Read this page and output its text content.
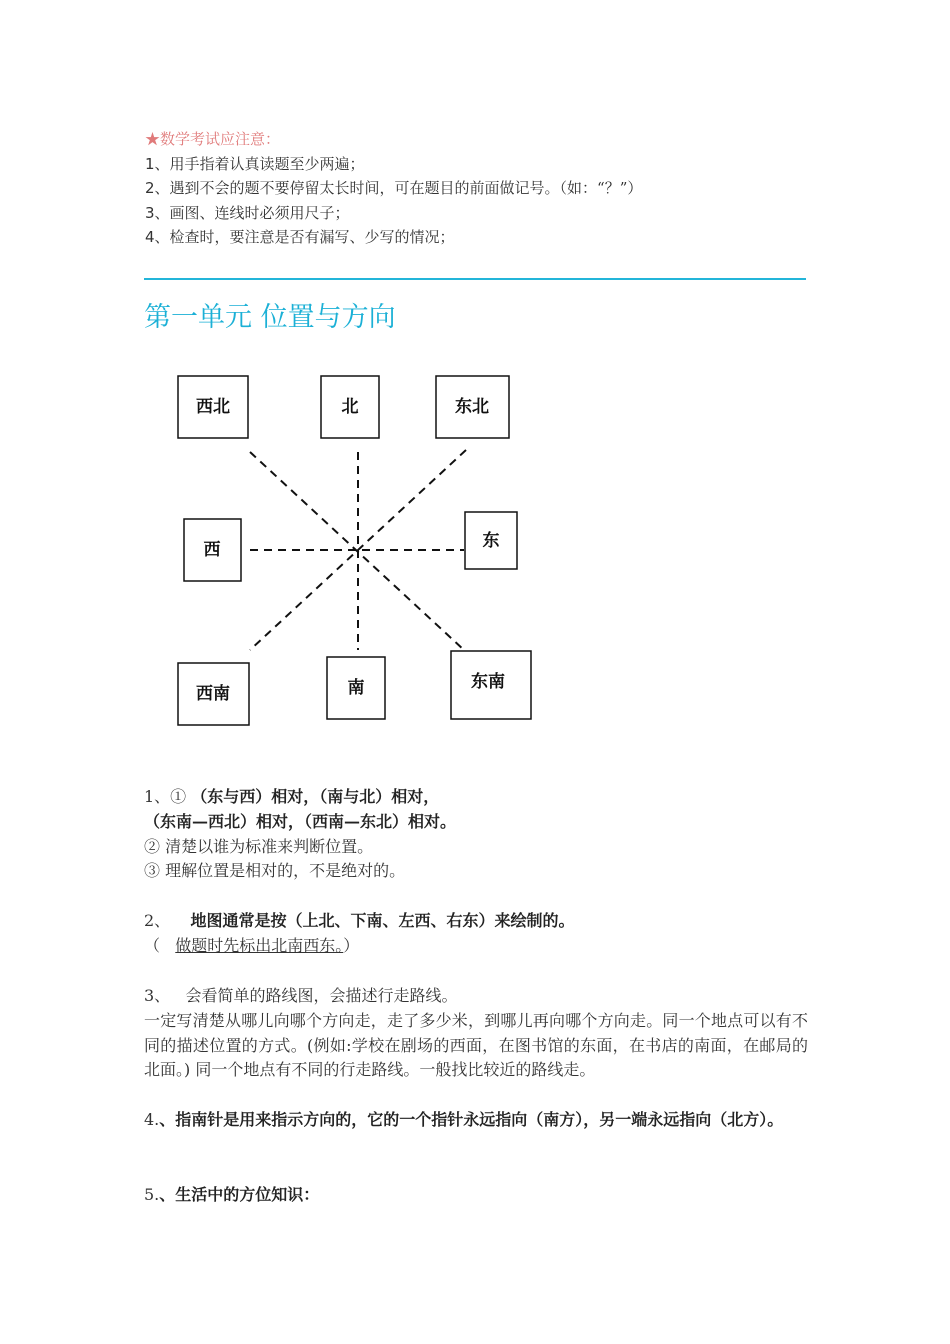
★数学考试应注意：
1、用手指着认真读题至少两遍；
2、遇到不会的题不要停留太长时间，可在题目的前面做记号。（如：“？”）
3、画图、连线时必须用尺子；
4、检查时，要注意是否有漏写、少写的情况；
第一单元 位置与方向
西北	北	东北
西	东
西南	南	东南

1、① （东与西）相对，（南与北）相对，

（东南—西北）相对，（西南—东北）相对。

② 清楚以谁为标准来判断位置。

③ 理解位置是相对的，不是绝对的。

2、 地图通常是按（上北、下南、左西、右东）来绘制的。

（ 做题时先标出北南西东。）

3、 会看简单的路线图，会描述行走路线。

一定写清楚从哪儿向哪个方向走，走了多少米，到哪儿再向哪个方向走。同一个地点可以有不同的描述位置的方式。(例如:学校在剧场的西面，在图书馆的东面，在书店的南面，在邮局的北面。) 同一个地点有不同的行走路线。一般找比较近的路线走。

4.、指南针是用来指示方向的，它的一个指针永远指向（南方），另一端永远指向（北方）。

5.、生活中的方位知识：
